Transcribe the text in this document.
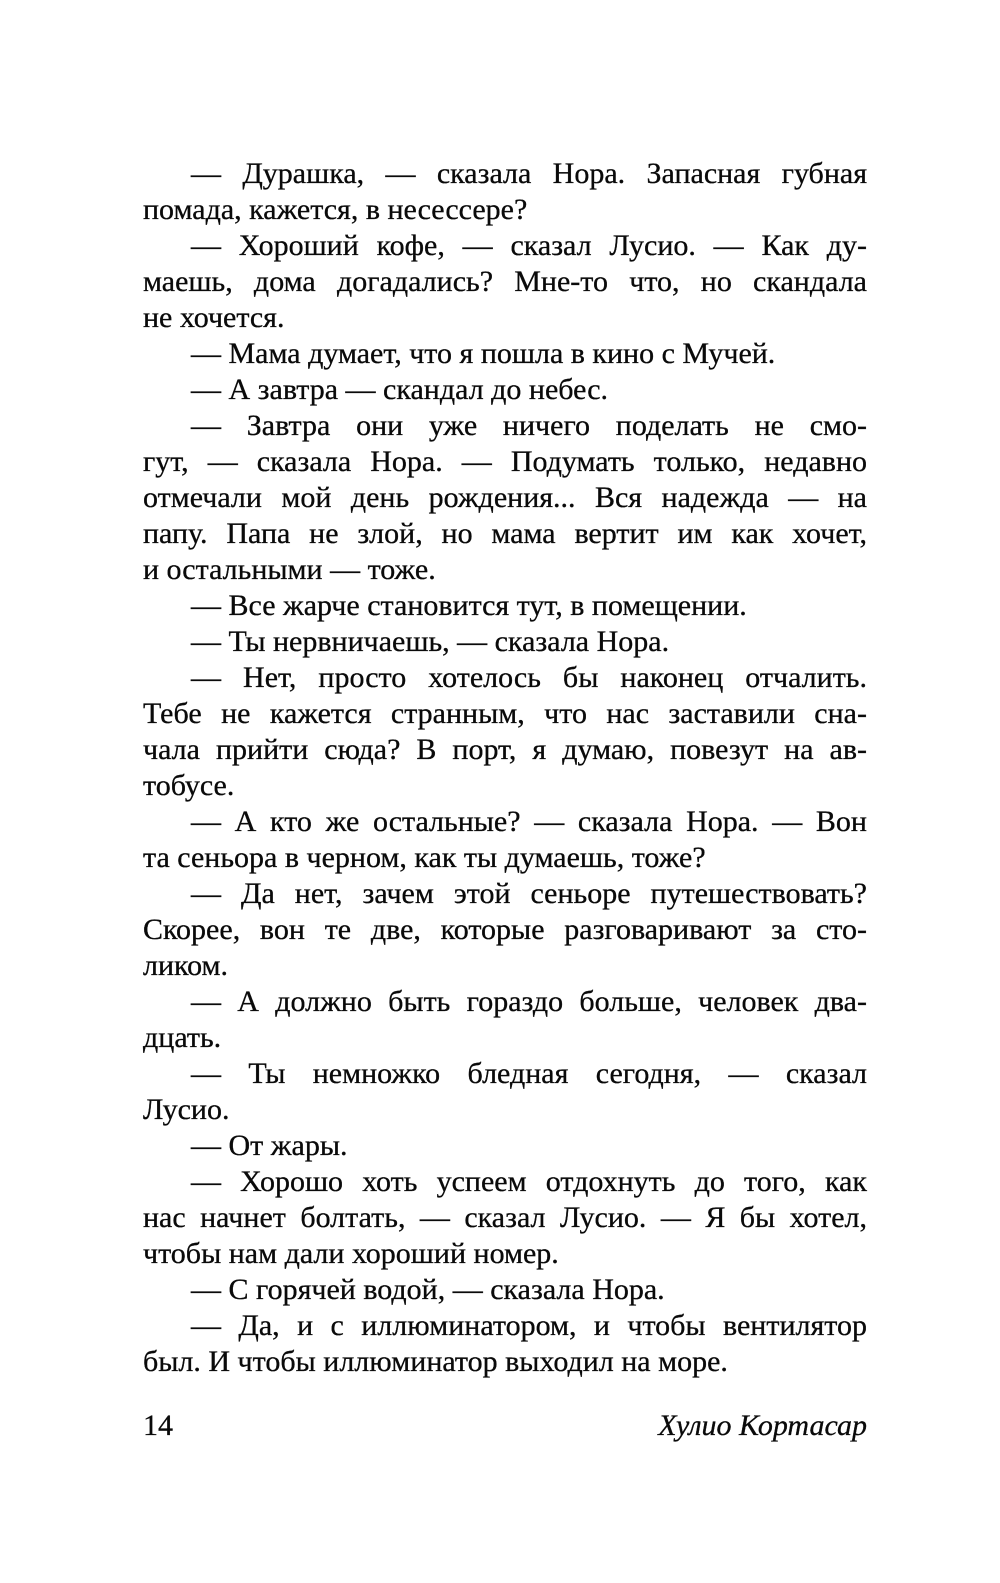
— Дурашка, — сказала Нора. Запасная губная
помада, кажется, в несессере?
— Хороший кофе, — сказал Лусио. — Как ду-
маешь, дома догадались? Мне-то что, но скандала
не хочется.
— Мама думает, что я пошла в кино с Мучей.
— А завтра — скандал до небес.
— Завтра они уже ничего поделать не смо-
гут, — сказала Нора. — Подумать только, недавно
отмечали мой день рождения... Вся надежда — на
папу. Папа не злой, но мама вертит им как хочет,
и остальными — тоже.
— Все жарче становится тут, в помещении.
— Ты нервничаешь, — сказала Нора.
— Нет, просто хотелось бы наконец отчалить.
Тебе не кажется странным, что нас заставили сна-
чала прийти сюда? В порт, я думаю, повезут на ав-
тобусе.
— А кто же остальные? — сказала Нора. — Вон
та сеньора в черном, как ты думаешь, тоже?
— Да нет, зачем этой сеньоре путешествовать?
Скорее, вон те две, которые разговаривают за сто-
ликом.
— А должно быть гораздо больше, человек два-
дцать.
— Ты немножко бледная сегодня, — сказал
Лусио.
— От жары.
— Хорошо хоть успеем отдохнуть до того, как
нас начнет болтать, — сказал Лусио. — Я бы хотел,
чтобы нам дали хороший номер.
— С горячей водой, — сказала Нора.
— Да, и с иллюминатором, и чтобы вентилятор
был. И чтобы иллюминатор выходил на море.
14	Хулио Кортасар
